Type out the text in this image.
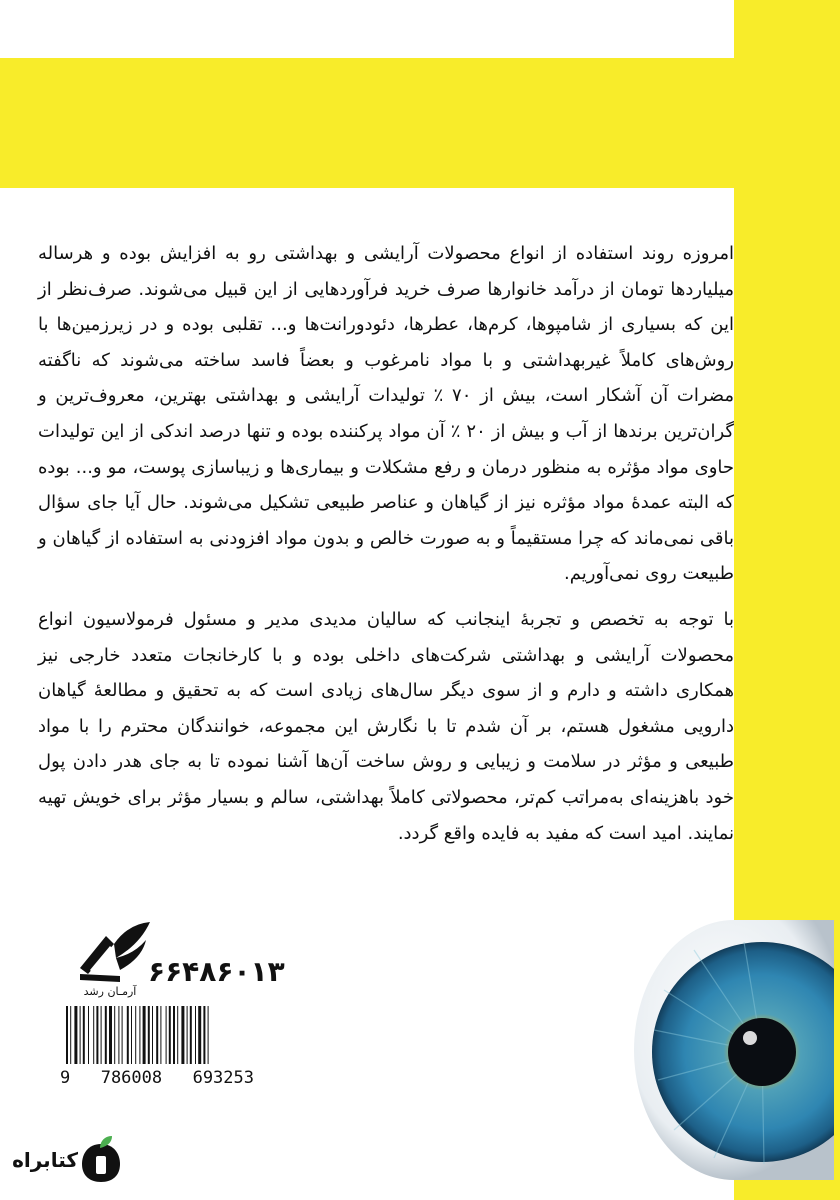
امروزه روند استفاده از انواع محصولات آرایشی و بهداشتی رو به افزایش بوده و هرساله میلیاردها تومان از درآمد خانوارها صرف خرید فرآوردهایی از این قبیل می‌شوند. صرف‌نظر از این که بسیاری از شامپوها، کرم‌ها، عطرها، دئودورانت‌ها و... تقلبی بوده و در زیرزمین‌ها با روش‌های کاملاً غیربهداشتی و با مواد نامرغوب و بعضاً فاسد ساخته می‌شوند که ناگفته مضرات آن آشکار است، بیش از ۷۰ ٪ تولیدات آرایشی و بهداشتی بهترین، معروف‌ترین و گران‌ترین برندها از آب و بیش از ۲۰ ٪ آن مواد پرکننده بوده و تنها درصد اندکی از این تولیدات حاوی مواد مؤثره به منظور درمان و رفع مشکلات و بیماری‌ها و زیباسازی پوست، مو و... بوده که البته عمدهٔ مواد مؤثره نیز از گیاهان و عناصر طبیعی تشکیل می‌شوند. حال آیا جای سؤال باقی نمی‌ماند که چرا مستقیماً و به صورت خالص و بدون مواد افزودنی به استفاده از گیاهان و طبیعت روی نمی‌آوریم.

با توجه به تخصص و تجربهٔ اینجانب که سالیان مدیدی مدیر و مسئول فرمولاسیون انواع محصولات آرایشی و بهداشتی شرکت‌های داخلی بوده و با کارخانجات متعدد خارجی نیز همکاری داشته و دارم و از سوی دیگر سال‌های زیادی است که به تحقیق و مطالعهٔ گیاهان دارویی مشغول هستم، بر آن شدم تا با نگارش این مجموعه، خوانندگان محترم را با مواد طبیعی و مؤثر در سلامت و زیبایی و روش ساخت آن‌ها آشنا نموده تا به جای هدر دادن پول خود باهزینه‌ای به‌مراتب کم‌تر، محصولاتی کاملاً بهداشتی، سالم و بسیار مؤثر برای خویش تهیه نمایند. امید است که مفید به فایده واقع گردد.

۶۶۴۸۶۰۱۳
آرمـان رشد
9 786008 693253
کتابراه
